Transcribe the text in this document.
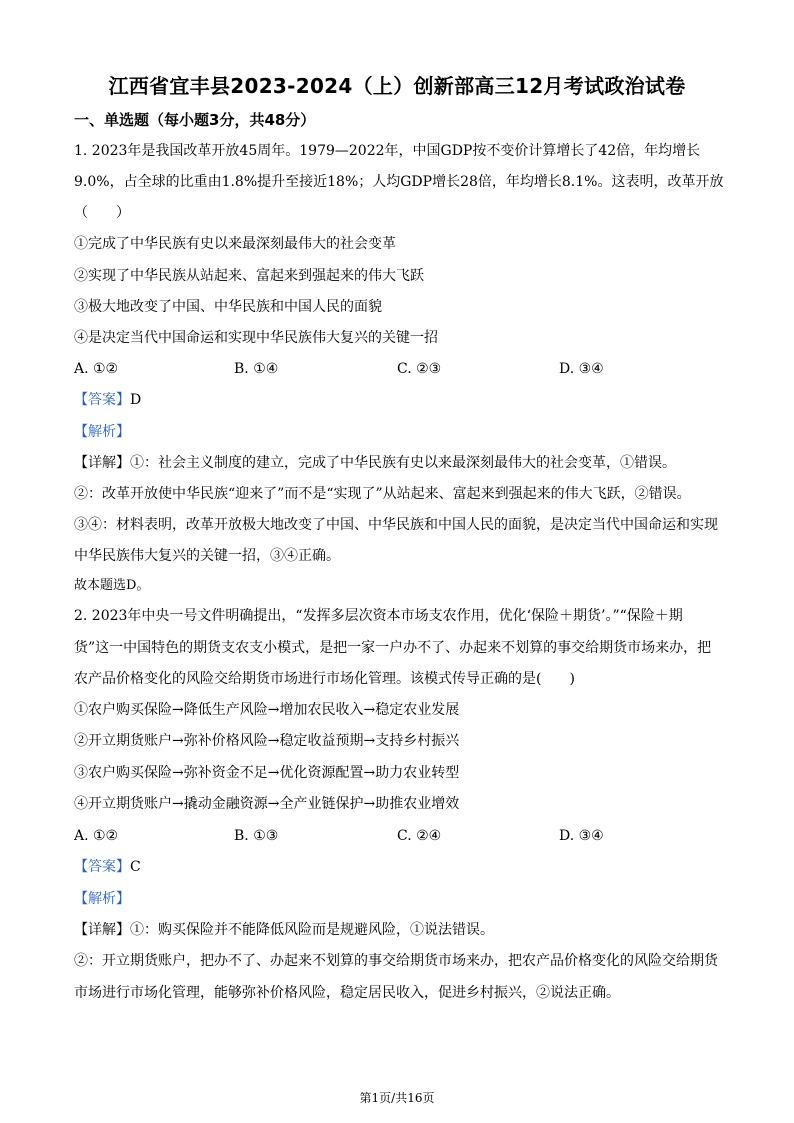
江西省宜丰县2023-2024（上）创新部高三12月考试政治试卷
一、单选题（每小题3分，共48分）
1. 2023年是我国改革开放45周年。1979—2022年，中国GDP按不变价计算增长了42倍，年均增长
9.0%，占全球的比重由1.8%提升至接近18%；人均GDP增长28倍，年均增长8.1%。这表明，改革开放
（　　）
①完成了中华民族有史以来最深刻最伟大的社会变革
②实现了中华民族从站起来、富起来到强起来的伟大飞跃
③极大地改变了中国、中华民族和中国人民的面貌
④是决定当代中国命运和实现中华民族伟大复兴的关键一招
A. ①②	B. ①④	C. ②③	D. ③④
【答案】D
【解析】
【详解】①：社会主义制度的建立，完成了中华民族有史以来最深刻最伟大的社会变革，①错误。
②：改革开放使中华民族“迎来了”而不是“实现了”从站起来、富起来到强起来的伟大飞跃，②错误。
③④：材料表明，改革开放极大地改变了中国、中华民族和中国人民的面貌，是决定当代中国命运和实现
中华民族伟大复兴的关键一招，③④正确。
故本题选D。
2. 2023年中央一号文件明确提出，“发挥多层次资本市场支农作用，优化‘保险＋期货’。”“保险＋期
货”这一中国特色的期货支农支小模式，是把一家一户办不了、办起来不划算的事交给期货市场来办，把
农产品价格变化的风险交给期货市场进行市场化管理。该模式传导正确的是(　　)
①农户购买保险→降低生产风险→增加农民收入→稳定农业发展
②开立期货账户→弥补价格风险→稳定收益预期→支持乡村振兴
③农户购买保险→弥补资金不足→优化资源配置→助力农业转型
④开立期货账户→撬动金融资源→全产业链保护→助推农业增效
A. ①②	B. ①③	C. ②④	D. ③④
【答案】C
【解析】
【详解】①：购买保险并不能降低风险而是规避风险，①说法错误。
②：开立期货账户，把办不了、办起来不划算的事交给期货市场来办，把农产品价格变化的风险交给期货
市场进行市场化管理，能够弥补价格风险，稳定居民收入，促进乡村振兴，②说法正确。
第1页/共16页
